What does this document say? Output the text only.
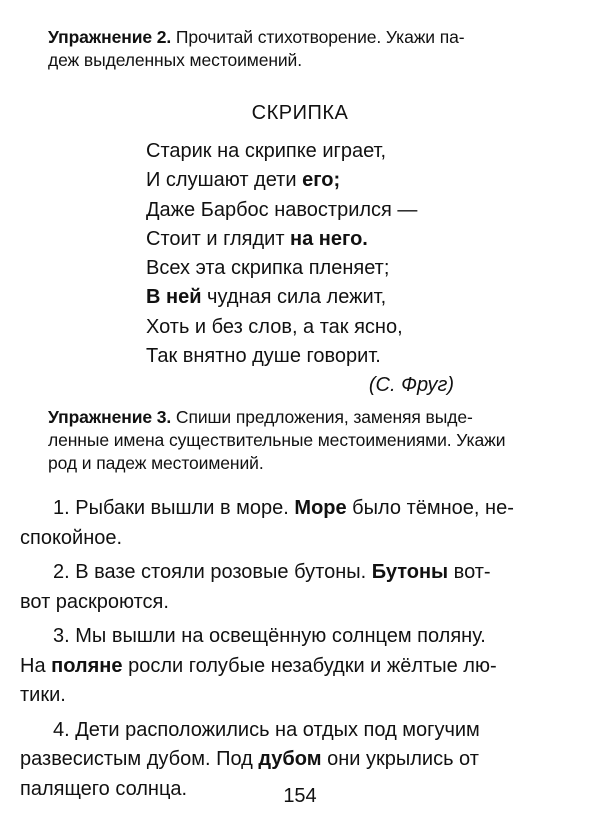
Упражнение 2. Прочитай стихотворение. Укажи па-
деж выделенных местоимений.
СКРИПКА
Старик на скрипке играет,
И слушают дети его;
Даже Барбос навострился —
Стоит и глядит на него.
Всех эта скрипка пленяет;
В ней чудная сила лежит,
Хоть и без слов, а так ясно,
Так внятно душе говорит.
(С. Фруг)
Упражнение 3. Спиши предложения, заменяя выде-
ленные имена существительные местоимениями. Укажи
род и падеж местоимений.
1. Рыбаки вышли в море. Море было тёмное, не-
спокойное.
2. В вазе стояли розовые бутоны. Бутоны вот-
вот раскроются.
3. Мы вышли на освещённую солнцем поляну.
На поляне росли голубые незабудки и жёлтые лю-
тики.
4. Дети расположились на отдых под могучим
развесистым дубом. Под дубом они укрылись от
палящего солнца.	154
